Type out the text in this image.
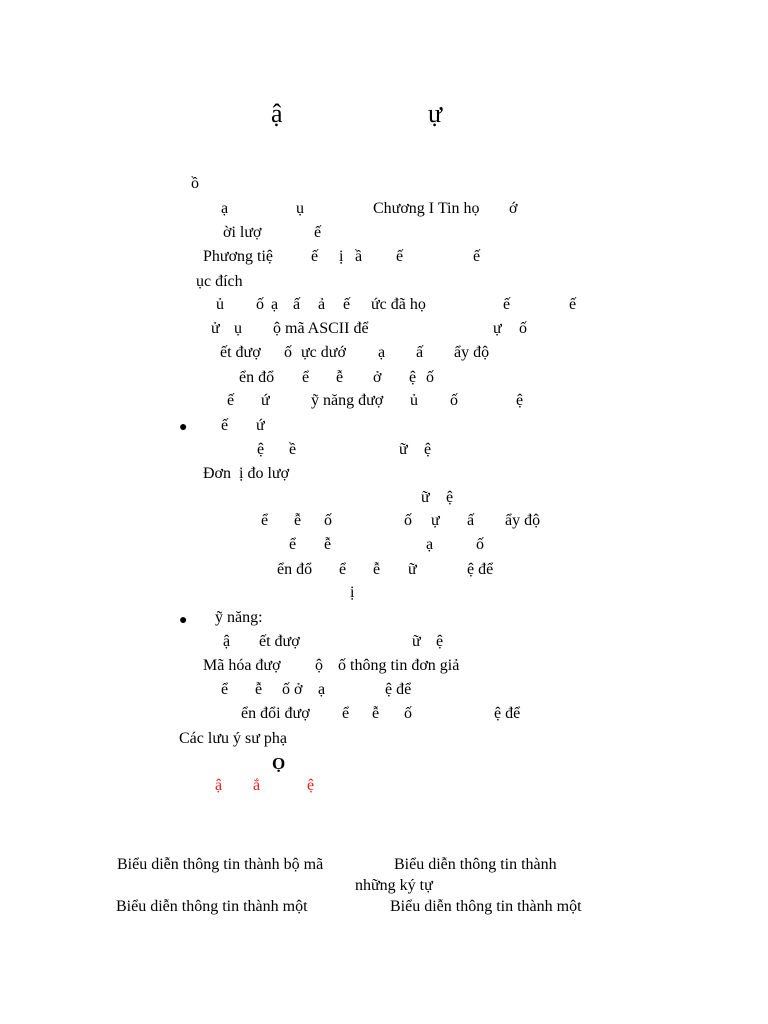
ậ	ự
ồ
ạ	ụ	Chương I Tin họ ớ
ời lượ	ế
Phương tiệ ế ị ầ ế	ế
ục đích
ủ ố ạ ấ ả ế ức đã họ	ế	ế
ử ụ ộ mã ASCII để	ự ố
ết đượ ố ực dướ ạ ấ ẩy độ
ển đổ ể ễ ở ệ ố
ế ứ	ỹ năng đượ ủ ố	ệ
● ế ứ
ệ ề	ữ ệ
Đơn  ị đo lượ
ữ ệ
ể ễ ố	ố ự ấ ẩy độ
ể ễ	ạ	ố
ển đổ ể ễ ữ	ệ để
ị
● ỹ năng:
ậ ết đượ	ữ ệ
Mã hóa đượ ộ ố thông tin đơn giả
ể ễ ố ở ạ	ệ để
ển đổi đượ ể ễ ố	ệ để
Các lưu ý sư phạ
Ọ
ậ ắ	ệ
Biểu diễn thông tin thành bộ mã	Biểu diễn thông tin thành
những ký tự
Biểu diễn thông tin thành một	Biểu diễn thông tin thành một
